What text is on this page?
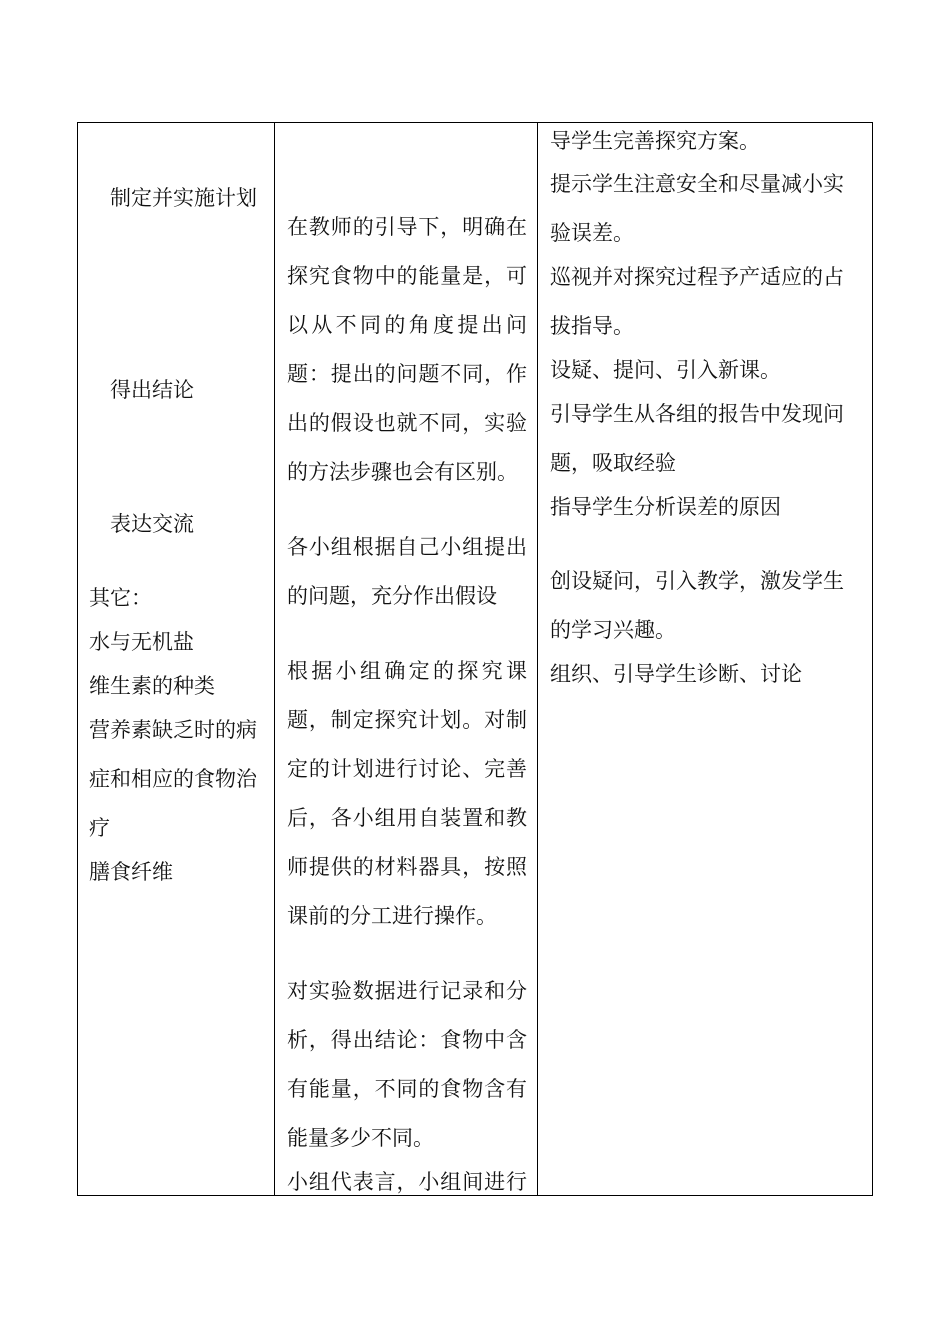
制定并实施计划
得出结论
表达交流
其它：
水与无机盐
维生素的种类
营养素缺乏时的病
症和相应的食物治
疗
膳食纤维
在教师的引导下，明确在
探究食物中的能量是，可
以从不同的角度提出问
题：提出的问题不同，作
出的假设也就不同，实验
的方法步骤也会有区别。
各小组根据自己小组提出
的问题，充分作出假设
根据小组确定的探究课
题，制定探究计划。对制
定的计划进行讨论、完善
后，各小组用自装置和教
师提供的材料器具，按照
课前的分工进行操作。
对实验数据进行记录和分
析，得出结论：食物中含
有能量，不同的食物含有
能量多少不同。
小组代表言，小组间进行
导学生完善探究方案。
提示学生注意安全和尽量减小实
验误差。
巡视并对探究过程予产适应的占
拔指导。
设疑、提问、引入新课。
引导学生从各组的报告中发现问
题，吸取经验
指导学生分析误差的原因
创设疑问，引入教学，激发学生
的学习兴趣。
组织、引导学生诊断、讨论
